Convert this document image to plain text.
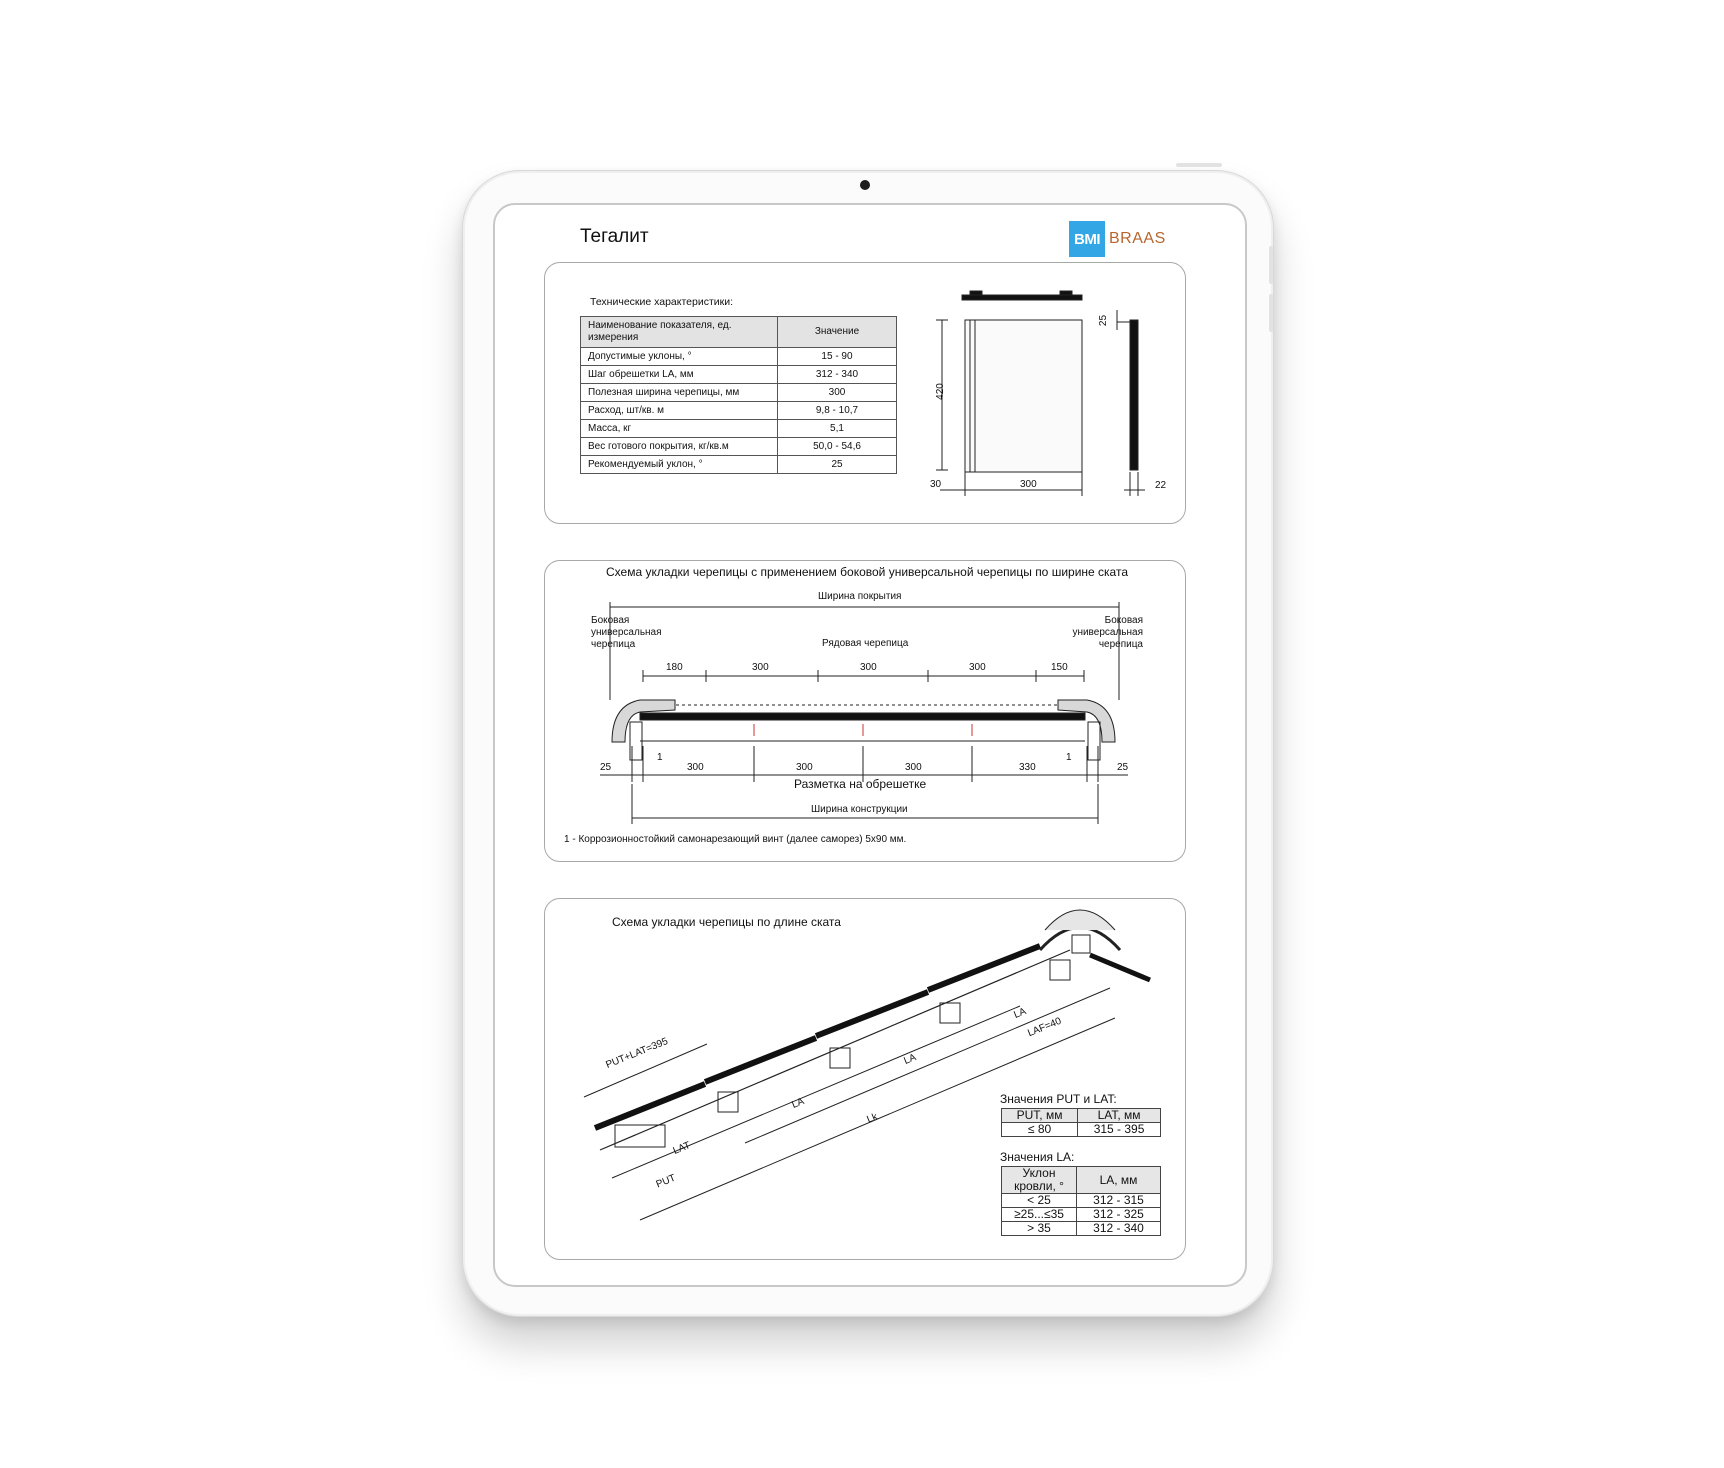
Тегалит	BMI BRAAS
Технические характеристики:
Наименование показателя, ед. измерения	Значение
Допустимые уклоны, °	15 - 90
Шаг обрешетки LA, мм	312 - 340
Полезная ширина черепицы, мм	300
Расход, шт/кв. м	9,8 - 10,7
Масса, кг	5,1
Вес готового покрытия, кг/кв.м	50,0 - 54,6
Рекомендуемый уклон, °	25
420
300
30
25
22
Схема укладки черепицы с применением боковой универсальной черепицы по ширине ската
Ширина покрытия
Боковая универсальная черепица
Боковая универсальная черепица
Рядовая черепица
180	300	300	300	150
25	300	300	300	330	25
1	1
Разметка на обрешетке
Ширина конструкции
1 - Коррозионностойкий самонарезающий винт (далее саморез) 5х90 мм.
Схема укладки черепицы по длине ската
PUT+LAT=395
LA
LA
LA
LAF=40
Lk
LAT
PUT
Значения PUT и LAT:
PUT, мм	LAT, мм
≤ 80	315 - 395
Значения LA:
Уклон кровли, °	LA, мм
< 25	312 - 315
≥25...≤35	312 - 325
> 35	312 - 340
